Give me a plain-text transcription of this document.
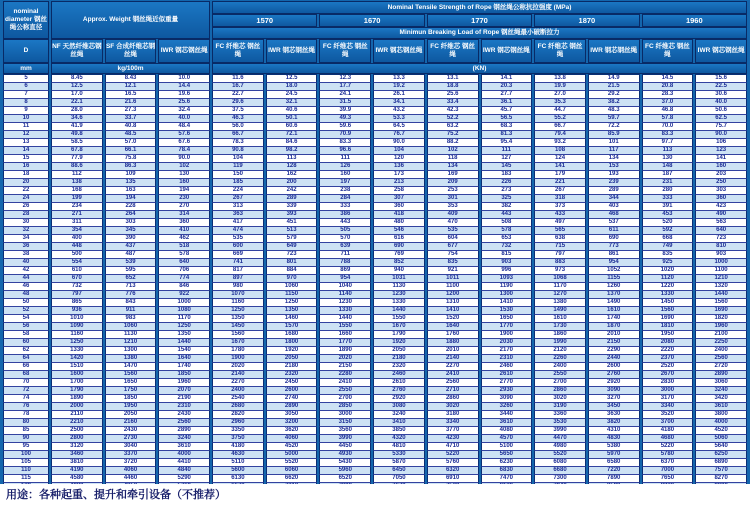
nominal diameter 钢丝绳公称直径	Approx. Weight 钢丝绳近似重量			Nominal Tensile Strength of Rope 钢丝绳公称抗拉强度 (MPa)									
				1570		1670		1770		1870		1960	
				Minimun Breaking Load of Rope 钢丝绳最小破断拉力									
D	NF 天然纤维芯钢丝绳	SF 合成纤维芯钢丝绳	IWR 钢芯钢丝绳	FC 纤维芯 钢丝绳	IWR 钢芯钢丝绳	FC 纤维芯 钢丝绳	IWR 钢芯钢丝绳	FC 纤维芯 钢丝绳	IWR 钢芯钢丝绳	FC 纤维芯 钢丝绳	IWR 钢芯钢丝绳	FC 纤维芯 钢丝绳	IWR 钢芯钢丝绳
mm	kg/100m			(KN)									
5	8.45	8.43	10.0	11.6	12.5	12.3	13.3	13.1	14.1	13.8	14.9	14.5	15.6
6	12.5	12.1	14.4	16.7	18.0	17.7	19.2	18.8	20.3	19.9	21.5	20.8	22.5
7	17.0	16.5	19.6	22.7	24.5	24.1	26.1	25.6	27.7	27.0	29.2	28.3	30.6
8	22.1	21.6	25.6	29.6	32.1	31.5	34.1	33.4	36.1	35.3	38.2	37.0	40.0
9	28.0	27.3	32.4	37.5	40.6	39.9	43.2	42.3	45.7	44.7	48.3	46.8	50.6
10	34.6	33.7	40.0	46.3	50.1	49.3	53.3	52.2	56.5	55.2	59.7	57.8	62.5
11	41.9	40.8	48.4	56.0	60.6	59.6	64.5	63.2	68.3	66.7	72.2	70.0	75.7
12	49.8	48.5	57.6	66.7	72.1	70.9	76.7	75.2	81.3	79.4	85.9	83.3	90.0
13	58.5	57.0	67.6	78.3	84.6	83.3	90.0	88.2	95.4	93.2	101	97.7	106
14	67.8	66.1	78.4	90.8	98.2	96.6	104	102	111	108	117	113	123
15	77.9	75.8	90.0	104	113	111	120	118	127	124	134	130	141
16	88.6	86.3	102	119	128	126	136	134	145	141	153	148	160
18	112	109	130	150	162	160	173	169	183	179	193	187	203
20	138	135	160	185	200	197	213	209	226	221	239	231	250
22	168	163	194	224	242	238	258	253	273	267	289	280	303
24	199	194	230	267	289	284	307	301	325	318	344	333	360
26	234	228	270	313	339	333	360	353	382	373	403	391	423
28	271	264	314	363	393	386	418	409	443	433	468	453	490
30	311	303	360	417	451	443	480	470	508	497	537	520	563
32	354	345	410	474	513	505	546	535	578	565	611	592	640
34	400	390	462	535	579	570	616	604	653	638	690	668	723
36	448	437	518	600	649	639	690	677	732	715	773	749	810
38	500	487	578	669	723	711	769	754	815	797	861	835	903
40	554	539	640	741	801	788	852	835	903	883	954	925	1000
42	610	595	706	817	884	869	940	921	996	973	1052	1020	1100
44	670	652	774	897	970	954	1031	1011	1093	1068	1155	1120	1210
46	732	713	846	980	1060	1040	1130	1100	1190	1170	1260	1220	1320
48	797	776	922	1070	1150	1140	1230	1200	1300	1270	1370	1330	1440
50	865	843	1000	1160	1250	1230	1330	1310	1410	1380	1490	1450	1560
52	936	911	1080	1250	1350	1330	1440	1410	1530	1490	1610	1560	1690
54	1010	983	1170	1350	1460	1440	1550	1520	1650	1610	1740	1690	1820
56	1090	1060	1250	1450	1570	1550	1670	1640	1770	1730	1870	1810	1960
58	1160	1130	1350	1560	1680	1660	1790	1760	1900	1860	2010	1950	2100
60	1250	1210	1440	1670	1800	1770	1920	1880	2030	1990	2150	2080	2250
62	1330	1300	1540	1780	1920	1890	2050	2010	2170	2120	2290	2220	2400
64	1420	1380	1640	1900	2050	2020	2180	2140	2310	2260	2440	2370	2560
66	1510	1470	1740	2020	2180	2150	2320	2270	2460	2400	2600	2520	2720
68	1600	1560	1850	2140	2320	2280	2460	2410	2610	2550	2760	2670	2890
70	1700	1650	1960	2270	2450	2410	2610	2560	2770	2700	2920	2830	3060
72	1790	1750	2070	2400	2600	2550	2760	2710	2930	2860	3090	3000	3240
74	1890	1850	2190	2540	2740	2700	2920	2860	3090	3020	3270	3170	3420
76	2000	1950	2310	2680	2890	2850	3080	3020	3260	3190	3450	3340	3610
78	2110	2050	2430	2820	3050	3000	3240	3180	3440	3360	3630	3520	3800
80	2210	2160	2560	2960	3200	3150	3410	3340	3610	3530	3820	3700	4000
85	2500	2430	2890	3350	3620	3560	3850	3770	4080	3990	4310	4180	4520
90	2800	2730	3240	3750	4060	3990	4320	4230	4570	4470	4830	4680	5060
95	3120	3040	3610	4180	4520	4450	4810	4710	5100	4980	5380	5220	5640
100	3460	3370	4000	4630	5000	4930	5330	5220	5650	5520	5970	5780	6250
105	3810	3720	4410	5110	5520	5430	5870	5760	6230	6080	6580	6370	6890
110	4190	4060	4840	5600	6060	5960	6450	6320	6830	6680	7220	7000	7570
115	4580	4460	5290	6130	6620	6520	7050	6910	7470	7300	7890	7650	8270

用途：各种起重、提升和牵引设备（不推荐）
